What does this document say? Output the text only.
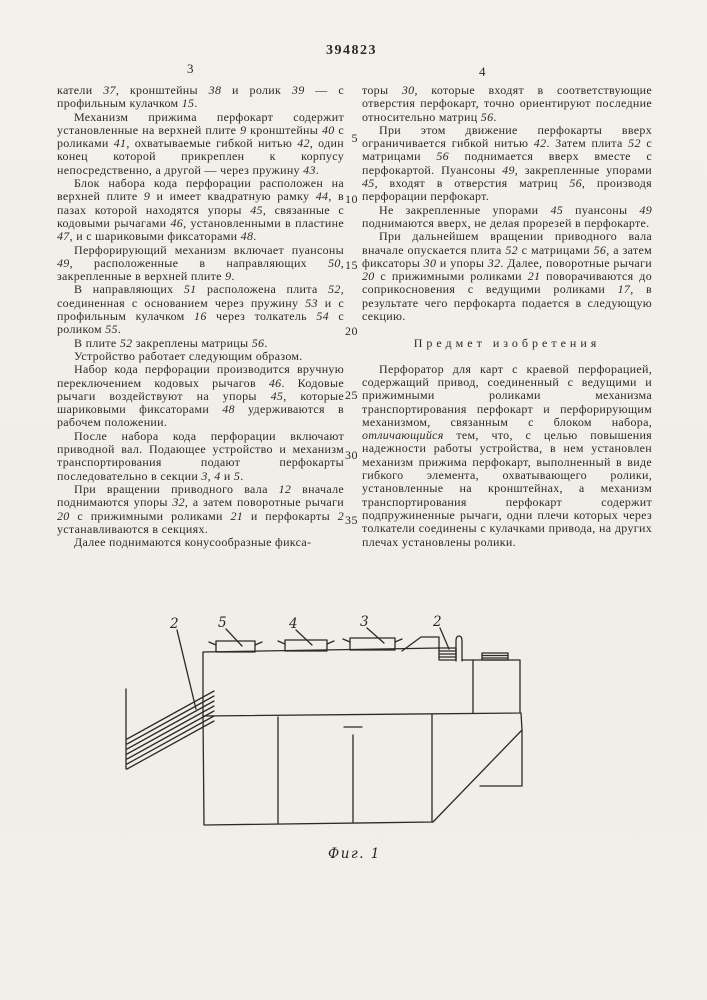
394823
3	4

катели 37, кронштейны 38 и ролик 39 — с профильным кулачком 15.

Механизм прижима перфокарт содержит установленные на верхней плите 9 кронштейны 40 с роликами 41, охватываемые гибкой нитью 42, один конец которой прикреплен к корпусу непосредственно, а другой — через пружину 43.

Блок набора кода перфорации расположен на верхней плите 9 и имеет квадратную рамку 44, в пазах которой находятся упоры 45, связанные с кодовыми рычагами 46, установленными в пластине 47, и с шариковыми фиксаторами 48.

Перфорирующий механизм включает пуансоны 49, расположенные в направляющих 50, закрепленные в верхней плите 9.

В направляющих 51 расположена плита 52, соединенная с основанием через пружину 53 и с профильным кулачком 16 через толкатель 54 с роликом 55.

В плите 52 закреплены матрицы 56.

Устройство работает следующим образом.

Набор кода перфорации производится вручную переключением кодовых рычагов 46. Кодовые рычаги воздействуют на упоры 45, которые шариковыми фиксаторами 48 удерживаются в рабочем положении.

После набора кода перфорации включают приводной вал. Подающее устройство и механизм транспортирования подают перфокарты последовательно в секции 3, 4 и 5.

При вращении приводного вала 12 вначале поднимаются упоры 32, а затем поворотные рычаги 20 с прижимными роликами 21 и перфокарты 2 устанавливаются в секциях.

Далее поднимаются конусообразные фикса-

торы 30, которые входят в соответствующие отверстия перфокарт, точно ориентируют последние относительно матриц 56.

При этом движение перфокарты вверх ограничивается гибкой нитью 42. Затем плита 52 с матрицами 56 поднимается вверх вместе с перфокартой. Пуансоны 49, закрепленные упорами 45, входят в отверстия матриц 56, производя перфорации перфокарт.

Не закрепленные упорами 45 пуансоны 49 поднимаются вверх, не делая прорезей в перфокарте.

При дальнейшем вращении приводного вала вначале опускается плита 52 с матрицами 56, а затем фиксаторы 30 и упоры 32. Далее, поворотные рычаги 20 с прижимными роликами 21 поворачиваются до соприкосновения с ведущими роликами 17, в результате чего перфокарта подается в следующую секцию.

Предмет изобретения

Перфоратор для карт с краевой перфорацией, содержащий привод, соединенный с ведущими и прижимными роликами механизма транспортирования перфокарт и перфорирующим механизмом, связанным с блоком набора, отличающийся тем, что, с целью повышения надежности работы устройства, в нем установлен механизм прижима перфокарт, выполненный в виде гибкого элемента, охватывающего ролики, установленные на кронштейнах, а механизм транспортирования перфокарт содержит подпружиненные рычаги, одни плечи которых через толкатели соединены с кулачками привода, на других плечах установлены ролики.

5
10
15
20
25
30
35
2	5	4	3	2
Фиг. 1
